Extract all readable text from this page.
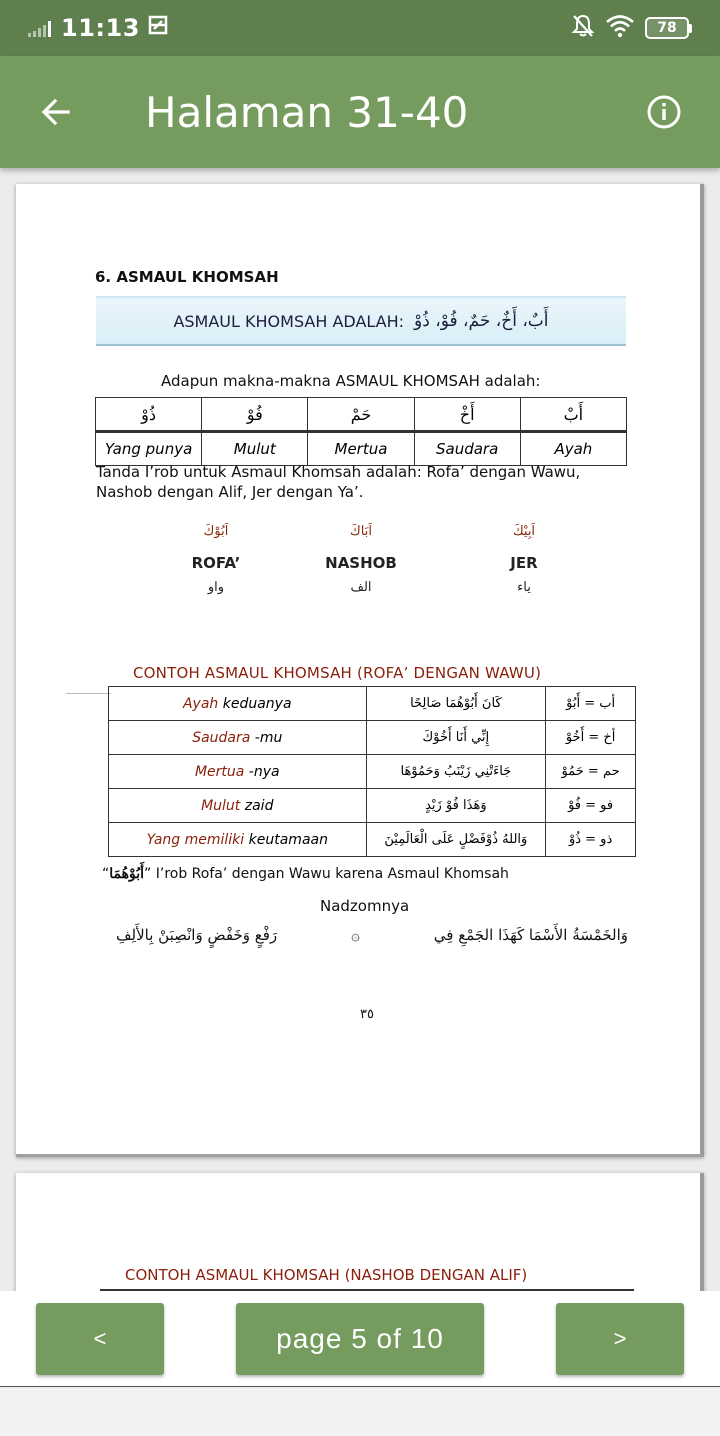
11:13	78
Halaman 31-40
6. ASMAUL KHOMSAH
ASMAUL KHOMSAH ADALAH: أَبٌ، أَخٌ، حَمٌ، فُوْ، ذُوْ
Adapun makna-makna ASMAUL KHOMSAH adalah:
ذُوْ	فُوْ	حَمْ	أَخْ	أَبْ
Yang punya	Mulut	Mertua	Saudara	Ayah
Tanda I’rob untuk Asmaul Khomsah adalah: Rofa’ dengan Wawu,
Nashob dengan Alif, Jer dengan Ya’.
اَبُوْكَ
ROFA’
واو
اَبَاكَ
NASHOB
الف
اَبِيْكَ
JER
ياء
CONTOH ASMAUL KHOMSAH (ROFA’ DENGAN WAWU)
Ayah keduanya	كَانَ أَبُوْهُمَا صَالِحًا	أب = أَبُوْ
Saudara -mu	إِنِّي أَنَا أَخُوْكَ	أخ = أَخُوْ
Mertua -nya	جَاءَتْنِي زَيْنَبُ وَحَمُوْهَا	حم = حَمُوْ
Mulut zaid	وَهَذَا فُوْ زَيْدٍ	فو = فُوْ
Yang memiliki keutamaan	وَاللهُ ذُوْفَضْلٍ عَلَى الْعَالَمِيْنَ	ذو = ذُوْ
“أَبُوْهُمَا” I’rob Rofa’ dengan Wawu karena Asmaul Khomsah
Nadzomnya
وَالخَمْسَةُ الأَسْمَا كَهَذَا الجَمْعِ فِي
۞
رَفْعٍ وَخَفْضٍ وَانْصِبَنْ بِالأَلِفِ
٣٥
CONTOH ASMAUL KHOMSAH (NASHOB DENGAN ALIF)
<	page 5 of 10	>
